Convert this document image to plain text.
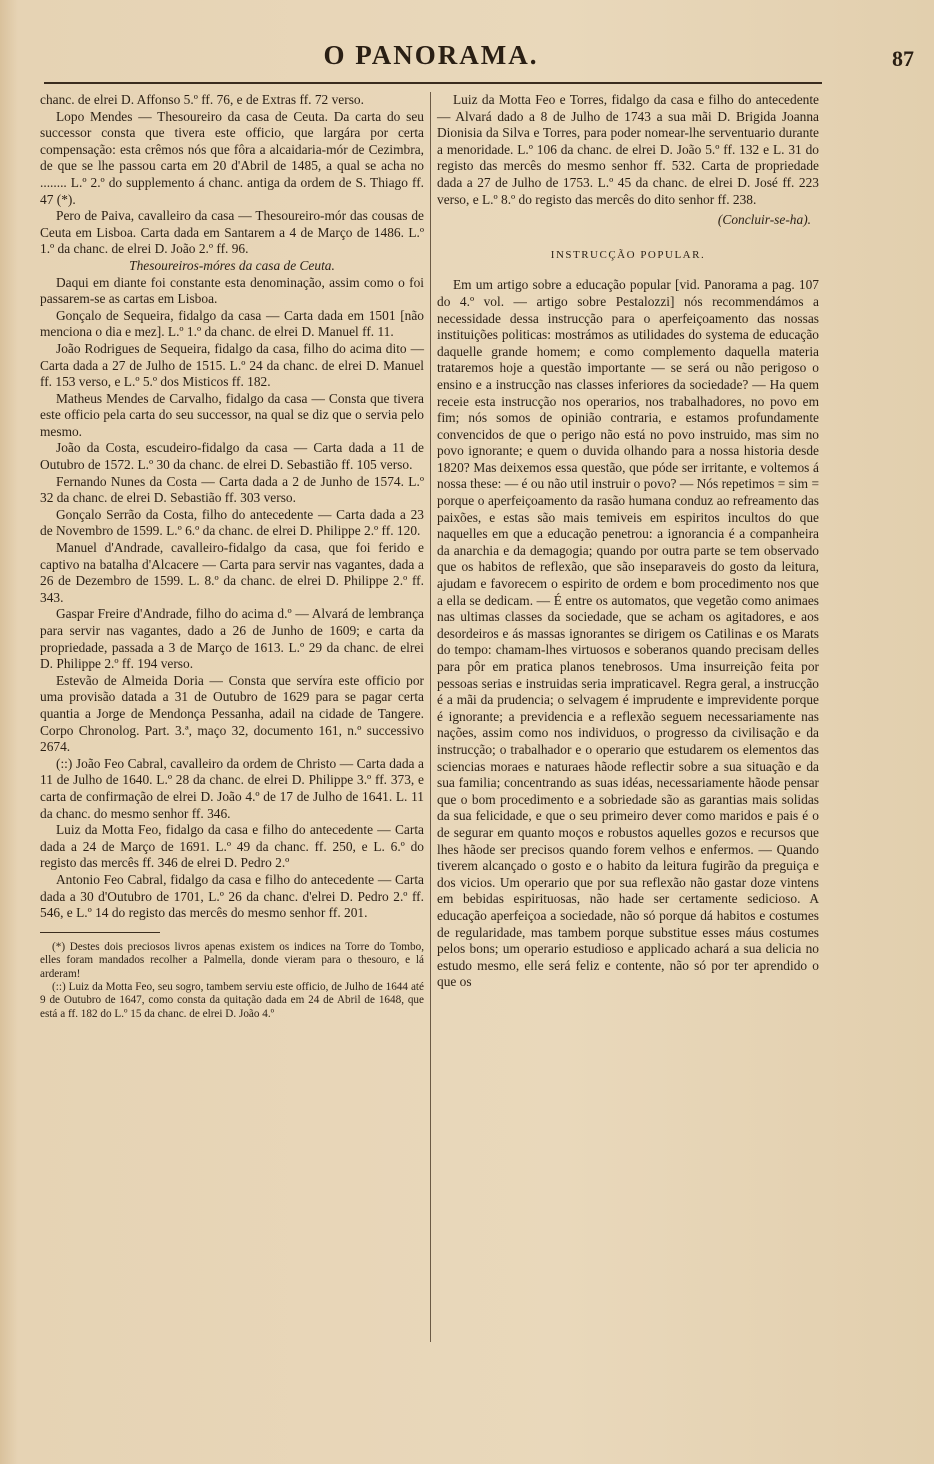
O PANORAMA.	87

chanc. de elrei D. Affonso 5.º ff. 76, e de Extras ff. 72 verso.

Lopo Mendes — Thesoureiro da casa de Ceuta. Da carta do seu successor consta que tivera este officio, que largára por certa compensação: esta crêmos nós que fôra a alcaidaria-mór de Cezimbra, de que se lhe passou carta em 20 d'Abril de 1485, a qual se acha no ........ L.º 2.º do supplemento á chanc. antiga da ordem de S. Thiago ff. 47 (*).

Pero de Paiva, cavalleiro da casa — Thesoureiro-mór das cousas de Ceuta em Lisboa. Carta dada em Santarem a 4 de Março de 1486. L.º 1.º da chanc. de elrei D. João 2.º ff. 96.

Thesoureiros-móres da casa de Ceuta.

Daqui em diante foi constante esta denominação, assim como o foi passarem-se as cartas em Lisboa.

Gonçalo de Sequeira, fidalgo da casa — Carta dada em 1501 [não menciona o dia e mez]. L.º 1.º da chanc. de elrei D. Manuel ff. 11.

João Rodrigues de Sequeira, fidalgo da casa, filho do acima dito — Carta dada a 27 de Julho de 1515. L.º 24 da chanc. de elrei D. Manuel ff. 153 verso, e L.º 5.º dos Misticos ff. 182.

Matheus Mendes de Carvalho, fidalgo da casa — Consta que tivera este officio pela carta do seu successor, na qual se diz que o servia pelo mesmo.

João da Costa, escudeiro-fidalgo da casa — Carta dada a 11 de Outubro de 1572. L.º 30 da chanc. de elrei D. Sebastião ff. 105 verso.

Fernando Nunes da Costa — Carta dada a 2 de Junho de 1574. L.º 32 da chanc. de elrei D. Sebastião ff. 303 verso.

Gonçalo Serrão da Costa, filho do antecedente — Carta dada a 23 de Novembro de 1599. L.º 6.º da chanc. de elrei D. Philippe 2.º ff. 120.

Manuel d'Andrade, cavalleiro-fidalgo da casa, que foi ferido e captivo na batalha d'Alcacere — Carta para servir nas vagantes, dada a 26 de Dezembro de 1599. L. 8.º da chanc. de elrei D. Philippe 2.º ff. 343.

Gaspar Freire d'Andrade, filho do acima d.º — Alvará de lembrança para servir nas vagantes, dado a 26 de Junho de 1609; e carta da propriedade, passada a 3 de Março de 1613. L.º 29 da chanc. de elrei D. Philippe 2.º ff. 194 verso.

Estevão de Almeida Doria — Consta que servíra este officio por uma provisão datada a 31 de Outubro de 1629 para se pagar certa quantia a Jorge de Mendonça Pessanha, adail na cidade de Tangere. Corpo Chronolog. Part. 3.ª, maço 32, documento 161, n.º successivo 2674.

(::) João Feo Cabral, cavalleiro da ordem de Christo — Carta dada a 11 de Julho de 1640. L.º 28 da chanc. de elrei D. Philippe 3.º ff. 373, e carta de confirmação de elrei D. João 4.º de 17 de Julho de 1641. L. 11 da chanc. do mesmo senhor ff. 346.

Luiz da Motta Feo, fidalgo da casa e filho do antecedente — Carta dada a 24 de Março de 1691. L.º 49 da chanc. ff. 250, e L. 6.º do registo das mercês ff. 346 de elrei D. Pedro 2.º

Antonio Feo Cabral, fidalgo da casa e filho do antecedente — Carta dada a 30 d'Outubro de 1701, L.º 26 da chanc. d'elrei D. Pedro 2.º ff. 546, e L.º 14 do registo das mercês do mesmo senhor ff. 201.

(*) Destes dois preciosos livros apenas existem os indices na Torre do Tombo, elles foram mandados recolher a Palmella, donde vieram para o thesouro, e lá arderam!

(::) Luiz da Motta Feo, seu sogro, tambem serviu este officio, de Julho de 1644 até 9 de Outubro de 1647, como consta da quitação dada em 24 de Abril de 1648, que está a ff. 182 do L.º 15 da chanc. de elrei D. João 4.º

Luiz da Motta Feo e Torres, fidalgo da casa e filho do antecedente — Alvará dado a 8 de Julho de 1743 a sua mãi D. Brigida Joanna Dionisia da Silva e Torres, para poder nomear-lhe serventuario durante a menoridade. L.º 106 da chanc. de elrei D. João 5.º ff. 132 e L. 31 do registo das mercês do mesmo senhor ff. 532. Carta de propriedade dada a 27 de Julho de 1753. L.º 45 da chanc. de elrei D. José ff. 223 verso, e L.º 8.º do registo das mercês do dito senhor ff. 238.

(Concluir-se-ha).

INSTRUCÇÃO POPULAR.

Em um artigo sobre a educação popular [vid. Panorama a pag. 107 do 4.º vol. — artigo sobre Pestalozzi] nós recommendámos a necessidade dessa instrucção para o aperfeiçoamento das nossas instituições politicas: mostrámos as utilidades do systema de educação daquelle grande homem; e como complemento daquella materia trataremos hoje a questão importante — se será ou não perigoso o ensino e a instrucção nas classes inferiores da sociedade? — Ha quem receie esta instrucção nos operarios, nos trabalhadores, no povo em fim; nós somos de opinião contraria, e estamos profundamente convencidos de que o perigo não está no povo instruido, mas sim no povo ignorante; e quem o duvida olhando para a nossa historia desde 1820? Mas deixemos essa questão, que póde ser irritante, e voltemos á nossa these: — é ou não util instruir o povo? — Nós repetimos = sim = porque o aperfeiçoamento da rasão humana conduz ao refreamento das paixões, e estas são mais temiveis em espiritos incultos do que naquelles em que a educação penetrou: a ignorancia é a companheira da anarchia e da demagogia; quando por outra parte se tem observado que os habitos de reflexão, que são inseparaveis do gosto da leitura, ajudam e favorecem o espirito de ordem e bom procedimento nos que a ella se dedicam. — É entre os automatos, que vegetão como animaes nas ultimas classes da sociedade, que se acham os agitadores, e aos desordeiros e ás massas ignorantes se dirigem os Catilinas e os Marats do tempo: chamam-lhes virtuosos e soberanos quando precisam delles para pôr em pratica planos tenebrosos. Uma insurreição feita por pessoas serias e instruidas seria impraticavel. Regra geral, a instrucção é a mãi da prudencia; o selvagem é imprudente e imprevidente porque é ignorante; a previdencia e a reflexão seguem necessariamente nas nações, assim como nos individuos, o progresso da civilisação e da instrucção; o trabalhador e o operario que estudarem os elementos das sciencias moraes e naturaes hãode reflectir sobre a sua situação e da sua familia; concentrando as suas idéas, necessariamente hãode pensar que o bom procedimento e a sobriedade são as garantias mais solidas da sua felicidade, e que o seu primeiro dever como maridos e pais é o de segurar em quanto moços e robustos aquelles gozos e recursos que lhes hãode ser precisos quando forem velhos e enfermos. — Quando tiverem alcançado o gosto e o habito da leitura fugirão da preguiça e dos vicios. Um operario que por sua reflexão não gastar doze vintens em bebidas espirituosas, não hade ser certamente sedicioso. A educação aperfeiçoa a sociedade, não só porque dá habitos e costumes de regularidade, mas tambem porque substitue esses máus costumes pelos bons; um operario estudioso e applicado achará a sua delicia no estudo mesmo, elle será feliz e contente, não só por ter aprendido o que os
